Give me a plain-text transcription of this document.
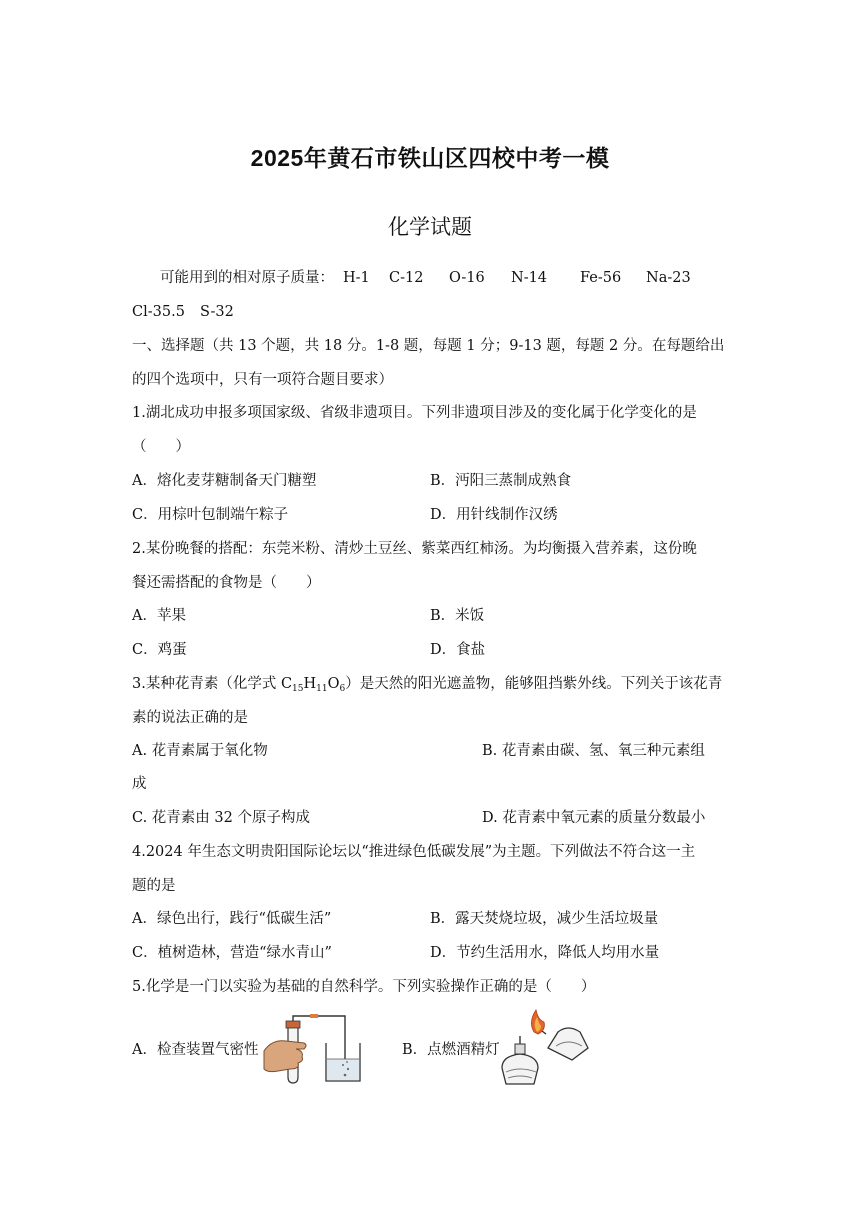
2025年黄石市铁山区四校中考一模
化学试题
可能用到的相对原子质量： H-1 C-12 O-16 N-14 Fe-56 Na-23
Cl-35.5 S-32
一、选择题（共 13 个题，共 18 分。1-8 题，每题 1 分；9-13 题，每题 2 分。在每题给出
的四个选项中，只有一项符合题目要求）
1.湖北成功申报多项国家级、省级非遗项目。下列非遗项目涉及的变化属于化学变化的是
（　　）
A．熔化麦芽糖制备天门糖塑	B．沔阳三蒸制成熟食
C．用棕叶包制端午粽子	D．用针线制作汉绣
2.某份晚餐的搭配：东莞米粉、清炒土豆丝、紫菜西红柿汤。为均衡摄入营养素，这份晚
餐还需搭配的食物是（　　）
A．苹果	B．米饭
C．鸡蛋	D．食盐
3.某种花青素（化学式 $C_{15}H_{11}O_6$）是天然的阳光遮盖物，能够阻挡紫外线。下列关于该花青
素的说法正确的是
A. 花青素属于氧化物	B. 花青素由碳、氢、氧三种元素组
成
C. 花青素由 32 个原子构成	D. 花青素中氧元素的质量分数最小
4.2024 年生态文明贵阳国际论坛以“推进绿色低碳发展”为主题。下列做法不符合这一主
题的是
A．绿色出行，践行“低碳生活”	B．露天焚烧垃圾，减少生活垃圾量
C．植树造林，营造“绿水青山”	D．节约生活用水，降低人均用水量
5.化学是一门以实验为基础的自然科学。下列实验操作正确的是（　　）
A．检查装置气密性	B．点燃酒精灯
